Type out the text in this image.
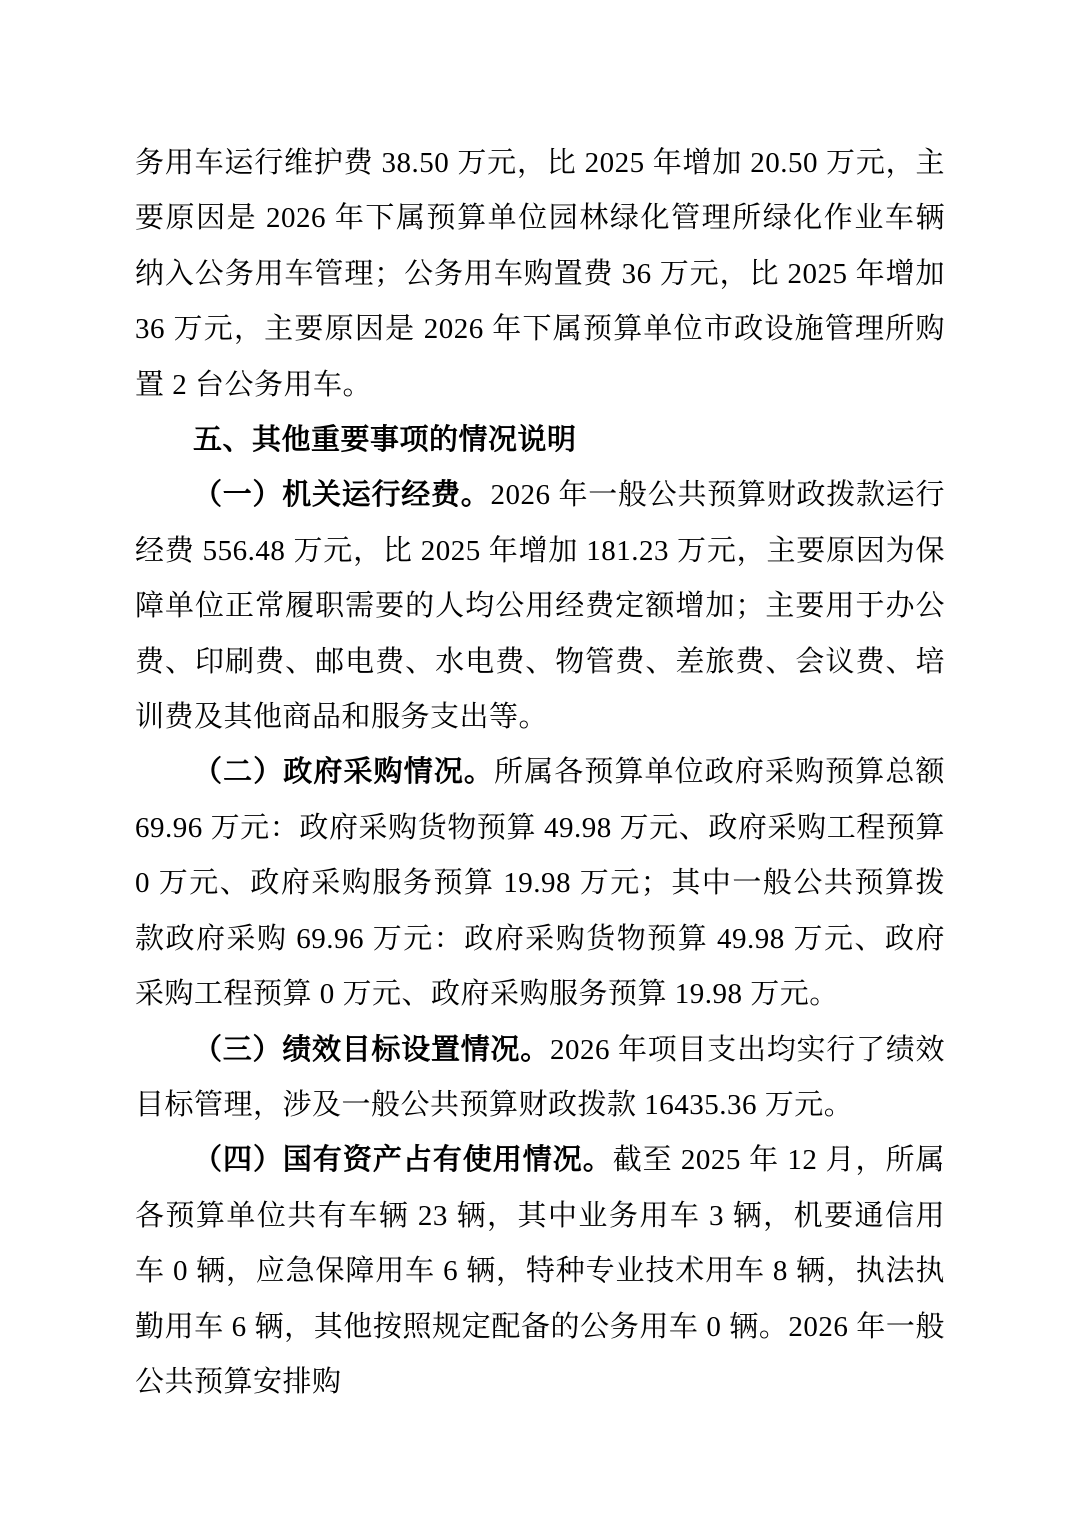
务用车运行维护费 38.50 万元，比 2025 年增加 20.50 万元，主要原因是 2026 年下属预算单位园林绿化管理所绿化作业车辆纳入公务用车管理；公务用车购置费 36 万元，比 2025 年增加 36 万元，主要原因是 2026 年下属预算单位市政设施管理所购置 2 台公务用车。

五、其他重要事项的情况说明

（一）机关运行经费。2026 年一般公共预算财政拨款运行经费 556.48 万元，比 2025 年增加 181.23 万元，主要原因为保障单位正常履职需要的人均公用经费定额增加；主要用于办公费、印刷费、邮电费、水电费、物管费、差旅费、会议费、培训费及其他商品和服务支出等。

（二）政府采购情况。所属各预算单位政府采购预算总额 69.96 万元：政府采购货物预算 49.98 万元、政府采购工程预算 0 万元、政府采购服务预算 19.98 万元；其中一般公共预算拨款政府采购 69.96 万元：政府采购货物预算 49.98 万元、政府采购工程预算 0 万元、政府采购服务预算 19.98 万元。

（三）绩效目标设置情况。2026 年项目支出均实行了绩效目标管理，涉及一般公共预算财政拨款 16435.36 万元。

（四）国有资产占有使用情况。截至 2025 年 12 月，所属各预算单位共有车辆 23 辆，其中业务用车 3 辆，机要通信用车 0 辆，应急保障用车 6 辆，特种专业技术用车 8 辆，执法执勤用车 6 辆，其他按照规定配备的公务用车 0 辆。2026 年一般公共预算安排购
